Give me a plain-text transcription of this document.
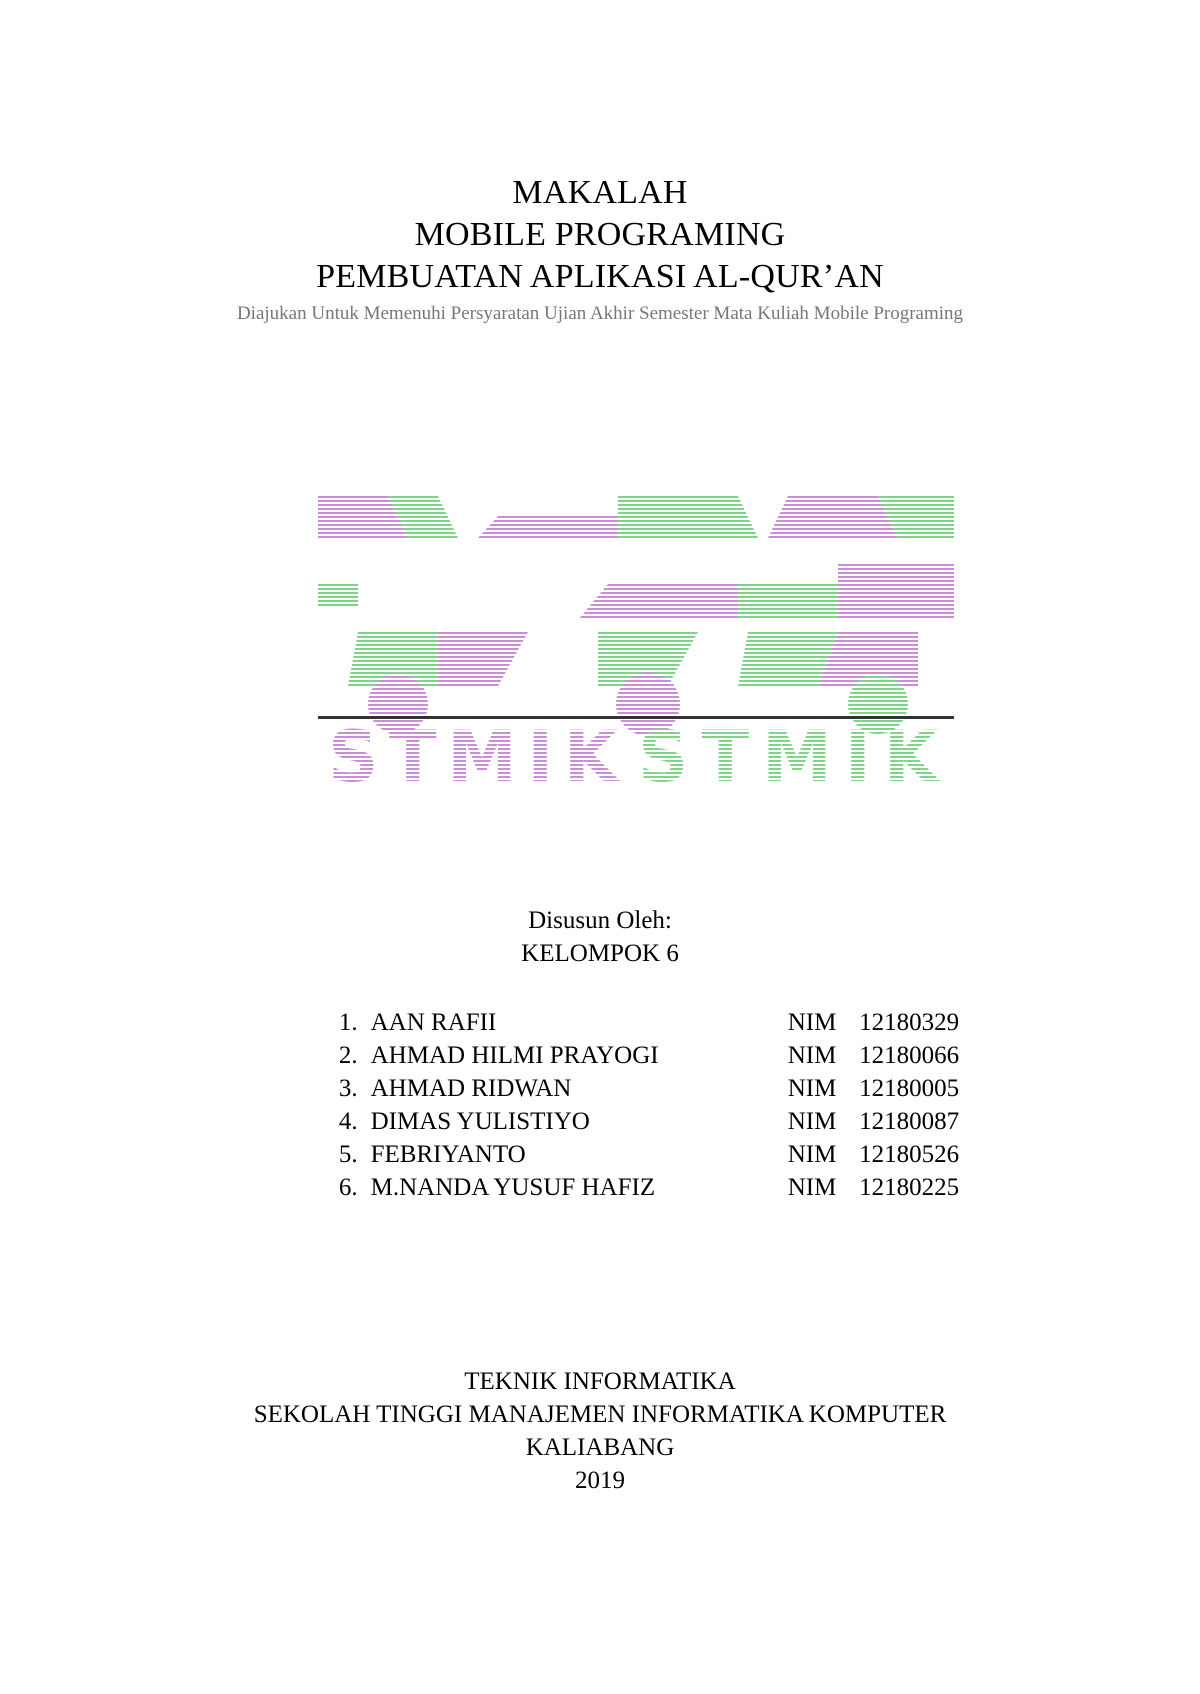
MAKALAH
MOBILE PROGRAMING
PEMBUATAN APLIKASI AL-QUR’AN
Diajukan Untuk Memenuhi Persyaratan Ujian Akhir Semester Mata Kuliah Mobile Programing
STMIK STMIK
Disusun Oleh:
KELOMPOK 6
1. AAN RAFII	NIM 12180329
2. AHMAD HILMI PRAYOGI	NIM 12180066
3. AHMAD RIDWAN	NIM 12180005
4. DIMAS YULISTIYO	NIM 12180087
5. FEBRIYANTO	NIM 12180526
6. M.NANDA YUSUF HAFIZ	NIM 12180225
TEKNIK INFORMATIKA
SEKOLAH TINGGI MANAJEMEN INFORMATIKA KOMPUTER
KALIABANG
2019
